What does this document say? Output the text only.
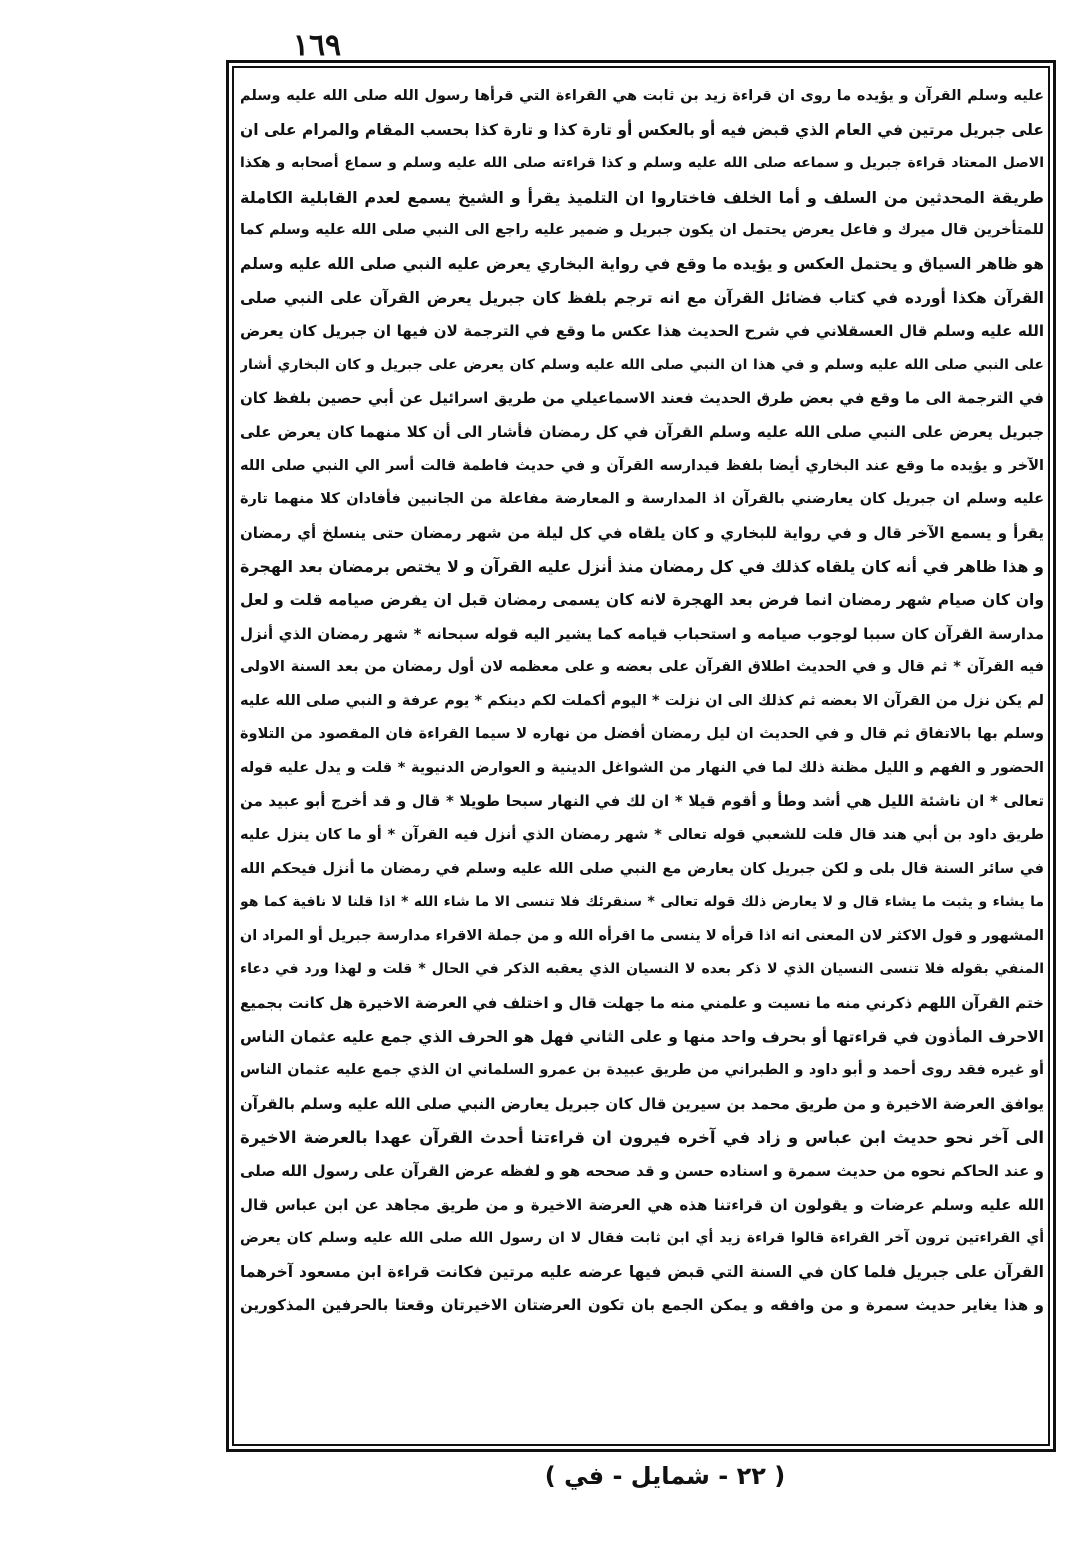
١٦٩
عليه وسلم القرآن و يؤيده ما روى ان قراءة زيد بن ثابت هي القراءة التي قرأها رسول الله صلى الله عليه وسلم
على جبريل مرتين في العام الذي قبض فيه أو بالعكس أو تارة كذا و تارة كذا بحسب المقام والمرام على ان
الاصل المعتاد قراءة جبريل و سماعه صلى الله عليه وسلم و كذا قراءته صلى الله عليه وسلم و سماع أصحابه و هكذا
طريقة المحدثين من السلف و أما الخلف فاختاروا ان التلميذ يقرأ و الشيخ يسمع لعدم القابلية الكاملة
للمتأخرين قال ميرك و فاعل يعرض يحتمل ان يكون جبريل و ضمير عليه راجع الى النبي صلى الله عليه وسلم كما
هو ظاهر السياق و يحتمل العكس و يؤيده ما وقع في رواية البخاري يعرض عليه النبي صلى الله عليه وسلم
القرآن هكذا أورده في كتاب فضائل القرآن مع انه ترجم بلفظ كان جبريل يعرض القرآن على النبي صلى
الله عليه وسلم قال العسقلاني في شرح الحديث هذا عكس ما وقع في الترجمة لان فيها ان جبريل كان يعرض
على النبي صلى الله عليه وسلم و في هذا ان النبي صلى الله عليه وسلم كان يعرض على جبريل و كان البخاري أشار
في الترجمة الى ما وقع في بعض طرق الحديث فعند الاسماعيلي من طريق اسرائيل عن أبي حصين بلفظ كان
جبريل يعرض على النبي صلى الله عليه وسلم القرآن في كل رمضان فأشار الى أن كلا منهما كان يعرض على
الآخر و يؤيده ما وقع عند البخاري أيضا بلفظ فيدارسه القرآن و في حديث فاطمة قالت أسر الي النبي صلى الله
عليه وسلم ان جبريل كان يعارضني بالقرآن اذ المدارسة و المعارضة مفاعلة من الجانبين فأفادان كلا منهما تارة
يقرأ و يسمع الآخر قال و في رواية للبخاري و كان يلقاه في كل ليلة من شهر رمضان حتى ينسلخ أي رمضان
و هذا ظاهر في أنه كان يلقاه كذلك في كل رمضان منذ أنزل عليه القرآن و لا يختص برمضان بعد الهجرة
وان كان صيام شهر رمضان انما فرض بعد الهجرة لانه كان يسمى رمضان قبل ان يفرض صيامه قلت و لعل
مدارسة القرآن كان سببا لوجوب صيامه و استحباب قيامه كما يشير اليه قوله سبحانه * شهر رمضان الذي أنزل
فيه القرآن * ثم قال و في الحديث اطلاق القرآن على بعضه و على معظمه لان أول رمضان من بعد السنة الاولى
لم يكن نزل من القرآن الا بعضه ثم كذلك الى ان نزلت * اليوم أكملت لكم دينكم * يوم عرفة و النبي صلى الله عليه
وسلم بها بالاتفاق ثم قال و في الحديث ان ليل رمضان أفضل من نهاره لا سيما القراءة فان المقصود من التلاوة
الحضور و الفهم و الليل مظنة ذلك لما في النهار من الشواغل الدينية و العوارض الدنيوية * قلت و يدل عليه قوله
تعالى * ان ناشئة الليل هي أشد وطأ و أقوم قيلا * ان لك في النهار سبحا طويلا * قال و قد أخرج أبو عبيد من
طريق داود بن أبي هند قال قلت للشعبي قوله تعالى * شهر رمضان الذي أنزل فيه القرآن * أو ما كان ينزل عليه
في سائر السنة قال بلى و لكن جبريل كان يعارض مع النبي صلى الله عليه وسلم في رمضان ما أنزل فيحكم الله
ما يشاء و يثبت ما يشاء قال و لا يعارض ذلك قوله تعالى * سنقرئك فلا تنسى الا ما شاء الله * اذا قلنا لا نافية كما هو
المشهور و قول الاكثر لان المعنى انه اذا قرأه لا ينسى ما اقرأه الله و من جملة الاقراء مدارسة جبريل أو المراد ان
المنفي بقوله فلا تنسى النسيان الذي لا ذكر بعده لا النسيان الذي يعقبه الذكر في الحال * قلت و لهذا ورد في دعاء
ختم القرآن اللهم ذكرني منه ما نسيت و علمني منه ما جهلت قال و اختلف في العرضة الاخيرة هل كانت بجميع
الاحرف المأذون في قراءتها أو بحرف واحد منها و على الثاني فهل هو الحرف الذي جمع عليه عثمان الناس
أو غيره فقد روى أحمد و أبو داود و الطبراني من طريق عبيدة بن عمرو السلماني ان الذي جمع عليه عثمان الناس
يوافق العرضة الاخيرة و من طريق محمد بن سيرين قال كان جبريل يعارض النبي صلى الله عليه وسلم بالقرآن
الى آخر نحو حديث ابن عباس و زاد في آخره فيرون ان قراءتنا أحدث القرآن عهدا بالعرضة الاخيرة
و عند الحاكم نحوه من حديث سمرة و اسناده حسن و قد صححه هو و لفظه عرض القرآن على رسول الله صلى
الله عليه وسلم عرضات و يقولون ان قراءتنا هذه هي العرضة الاخيرة و من طريق مجاهد عن ابن عباس قال
أي القراءتين ترون آخر القراءة قالوا قراءة زيد أي ابن ثابت فقال لا ان رسول الله صلى الله عليه وسلم كان يعرض
القرآن على جبريل فلما كان في السنة التي قبض فيها عرضه عليه مرتين فكانت قراءة ابن مسعود آخرهما
و هذا يغاير حديث سمرة و من وافقه و يمكن الجمع بان تكون العرضتان الاخيرتان وقعتا بالحرفين المذكورين
( ٢٢ - شمايل - في )
